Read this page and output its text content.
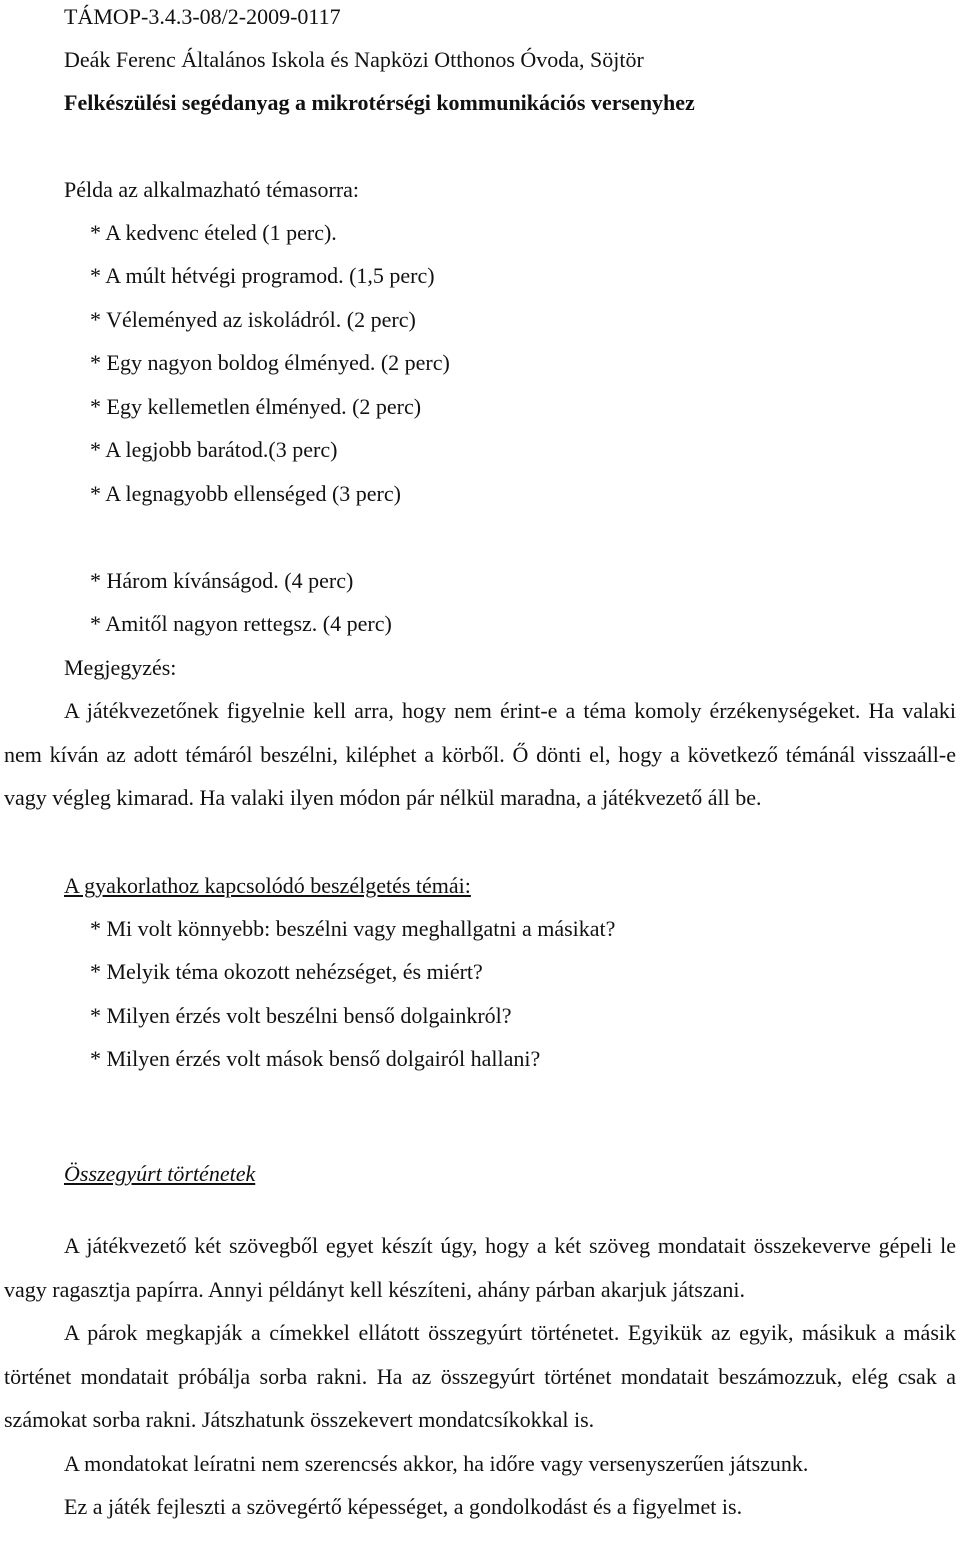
TÁMOP-3.4.3-08/2-2009-0117
Deák Ferenc Általános Iskola és Napközi Otthonos Óvoda, Söjtör
Felkészülési segédanyag a mikrotérségi kommunikációs versenyhez
Példa az alkalmazható témasorra:
* A kedvenc ételed (1 perc).
* A múlt hétvégi programod. (1,5 perc)
* Véleményed az iskoládról. (2 perc)
* Egy nagyon boldog élményed. (2 perc)
* Egy kellemetlen élményed. (2 perc)
* A legjobb barátod.(3 perc)
* A legnagyobb ellenséged (3 perc)
* Három kívánságod. (4 perc)
* Amitől nagyon rettegsz. (4 perc)
Megjegyzés:

A játékvezetőnek figyelnie kell arra, hogy nem érint-e a téma komoly érzékenységeket. Ha valaki nem kíván az adott témáról beszélni, kiléphet a körből. Ő dönti el, hogy a következő témánál visszaáll-e vagy végleg kimarad. Ha valaki ilyen módon pár nélkül maradna, a játékvezető áll be.

A gyakorlathoz kapcsolódó beszélgetés témái:
* Mi volt könnyebb: beszélni vagy meghallgatni a másikat?
* Melyik téma okozott nehézséget, és miért?
* Milyen érzés volt beszélni benső dolgainkról?
* Milyen érzés volt mások benső dolgairól hallani?
Összegyúrt történetek

A játékvezető két szövegből egyet készít úgy, hogy a két szöveg mondatait összekeverve gépeli le vagy ragasztja papírra. Annyi példányt kell készíteni, ahány párban akarjuk játszani.

A párok megkapják a címekkel ellátott összegyúrt történetet. Egyikük az egyik, másikuk a másik történet mondatait próbálja sorba rakni. Ha az összegyúrt történet mondatait beszámozzuk, elég csak a számokat sorba rakni. Játszhatunk összekevert mondatcsíkokkal is.

A mondatokat leíratni nem szerencsés akkor, ha időre vagy versenyszerűen játszunk.

Ez a játék fejleszti a szövegértő képességet, a gondolkodást és a figyelmet is.
